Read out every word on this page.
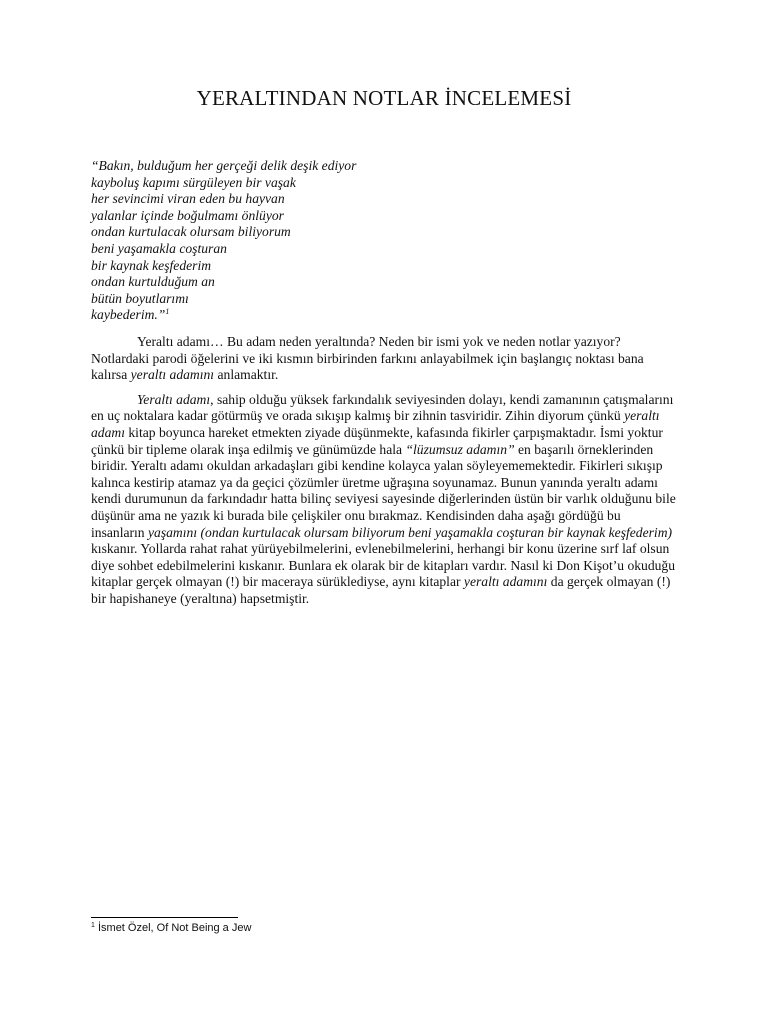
YERALTINDAN NOTLAR İNCELEMESİ
“Bakın, bulduğum her gerçeği delik deşik ediyor
kayboluş kapımı sürgüleyen bir vaşak
her sevincimi viran eden bu hayvan
yalanlar içinde boğulmamı önlüyor
ondan kurtulacak olursam biliyorum
beni yaşamakla coşturan
bir kaynak keşfederim
ondan kurtulduğum an
bütün boyutlarımı
kaybederim.”$^1$

Yeraltı adamı… Bu adam neden yeraltında? Neden bir ismi yok ve neden notlar yazıyor? Notlardaki parodi öğelerini ve iki kısmın birbirinden farkını anlayabilmek için başlangıç noktası bana kalırsa yeraltı adamını anlamaktır.

Yeraltı adamı, sahip olduğu yüksek farkındalık seviyesinden dolayı, kendi zamanının çatışmalarını en uç noktalara kadar götürmüş ve orada sıkışıp kalmış bir zihnin tasviridir. Zihin diyorum çünkü yeraltı adamı kitap boyunca hareket etmekten ziyade düşünmekte, kafasında fikirler çarpışmaktadır. İsmi yoktur çünkü bir tipleme olarak inşa edilmiş ve günümüzde hala “lüzumsuz adamın” en başarılı örneklerinden biridir. Yeraltı adamı okuldan arkadaşları gibi kendine kolayca yalan söyleyememektedir. Fikirleri sıkışıp kalınca kestirip atamaz ya da geçici çözümler üretme uğraşına soyunamaz. Bunun yanında yeraltı adamı kendi durumunun da farkındadır hatta bilinç seviyesi sayesinde diğerlerinden üstün bir varlık olduğunu bile düşünür ama ne yazık ki burada bile çelişkiler onu bırakmaz. Kendisinden daha aşağı gördüğü bu insanların yaşamını (ondan kurtulacak olursam biliyorum beni yaşamakla coşturan bir kaynak keşfederim) kıskanır. Yollarda rahat rahat yürüyebilmelerini, evlenebilmelerini, herhangi bir konu üzerine sırf laf olsun diye sohbet edebilmelerini kıskanır. Bunlara ek olarak bir de kitapları vardır. Nasıl ki Don Kişot’u okuduğu kitaplar gerçek olmayan (!) bir maceraya sürüklediyse, aynı kitaplar yeraltı adamını da gerçek olmayan (!) bir hapishaneye (yeraltına) hapsetmiştir.

$^1$ İsmet Özel, Of Not Being a Jew
